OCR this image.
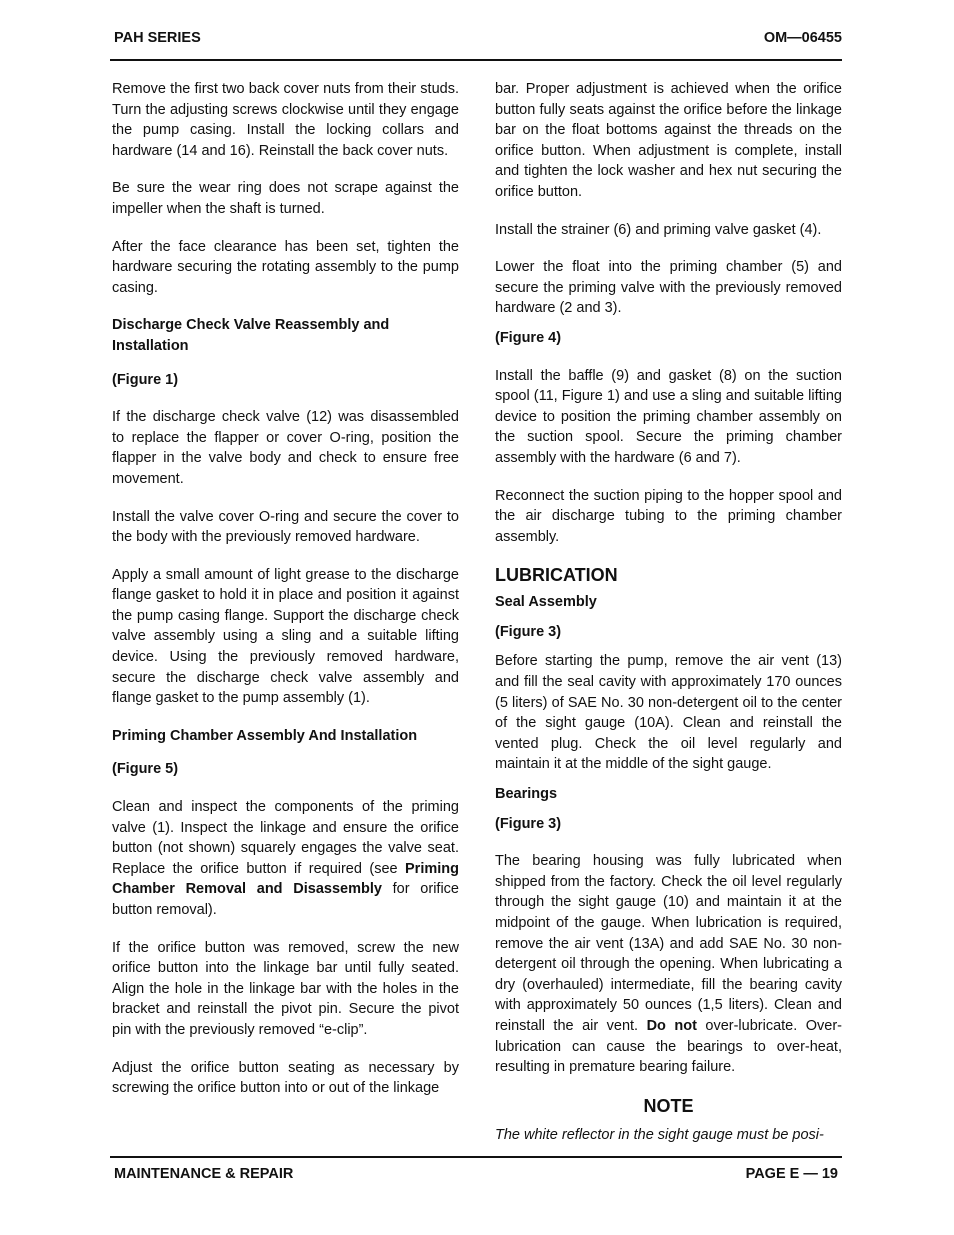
PAH SERIES	OM—06455

Remove the first two back cover nuts from their studs. Turn the adjusting screws clockwise until they engage the pump casing. Install the locking collars and hardware (14 and 16). Reinstall the back cover nuts.

Be sure the wear ring does not scrape against the impeller when the shaft is turned.

After the face clearance has been set, tighten the hardware securing the rotating assembly to the pump casing.

Discharge Check Valve Reassembly and Installation

(Figure 1)

If the discharge check valve (12) was disassembled to replace the flapper or cover O-ring, position the flapper in the valve body and check to ensure free movement.

Install the valve cover O-ring and secure the cover to the body with the previously removed hardware.

Apply a small amount of light grease to the discharge flange gasket to hold it in place and position it against the pump casing flange. Support the discharge check valve assembly using a sling and a suitable lifting device. Using the previously removed hardware, secure the discharge check valve assembly and flange gasket to the pump assembly (1).

Priming Chamber Assembly And Installation

(Figure 5)

Clean and inspect the components of the priming valve (1). Inspect the linkage and ensure the orifice button (not shown) squarely engages the valve seat. Replace the orifice button if required (see Priming Chamber Removal and Disassembly for orifice button removal).

If the orifice button was removed, screw the new orifice button into the linkage bar until fully seated. Align the hole in the linkage bar with the holes in the bracket and reinstall the pivot pin. Secure the pivot pin with the previously removed “e-clip”.

Adjust the orifice button seating as necessary by screwing the orifice button into or out of the linkage

bar. Proper adjustment is achieved when the orifice button fully seats against the orifice before the linkage bar on the float bottoms against the threads on the orifice button. When adjustment is complete, install and tighten the lock washer and hex nut securing the orifice button.

Install the strainer (6) and priming valve gasket (4).

Lower the float into the priming chamber (5) and secure the priming valve with the previously removed hardware (2 and 3).

(Figure 4)

Install the baffle (9) and gasket (8) on the suction spool (11, Figure 1) and use a sling and suitable lifting device to position the priming chamber assembly on the suction spool. Secure the priming chamber assembly with the hardware (6 and 7).

Reconnect the suction piping to the hopper spool and the air discharge tubing to the priming chamber assembly.

LUBRICATION

Seal Assembly

(Figure 3)

Before starting the pump, remove the air vent (13) and fill the seal cavity with approximately 170 ounces (5 liters) of SAE No. 30 non-detergent oil to the center of the sight gauge (10A). Clean and reinstall the vented plug. Check the oil level regularly and maintain it at the middle of the sight gauge.

Bearings

(Figure 3)

The bearing housing was fully lubricated when shipped from the factory. Check the oil level regularly through the sight gauge (10) and maintain it at the midpoint of the gauge. When lubrication is required, remove the air vent (13A) and add SAE No. 30 non-detergent oil through the opening. When lubricating a dry (overhauled) intermediate, fill the bearing cavity with approximately 50 ounces (1,5 liters). Clean and reinstall the air vent. Do not over-lubricate. Over-lubrication can cause the bearings to over-heat, resulting in premature bearing failure.

NOTE

The white reflector in the sight gauge must be posi-

MAINTENANCE & REPAIR	PAGE E — 19
